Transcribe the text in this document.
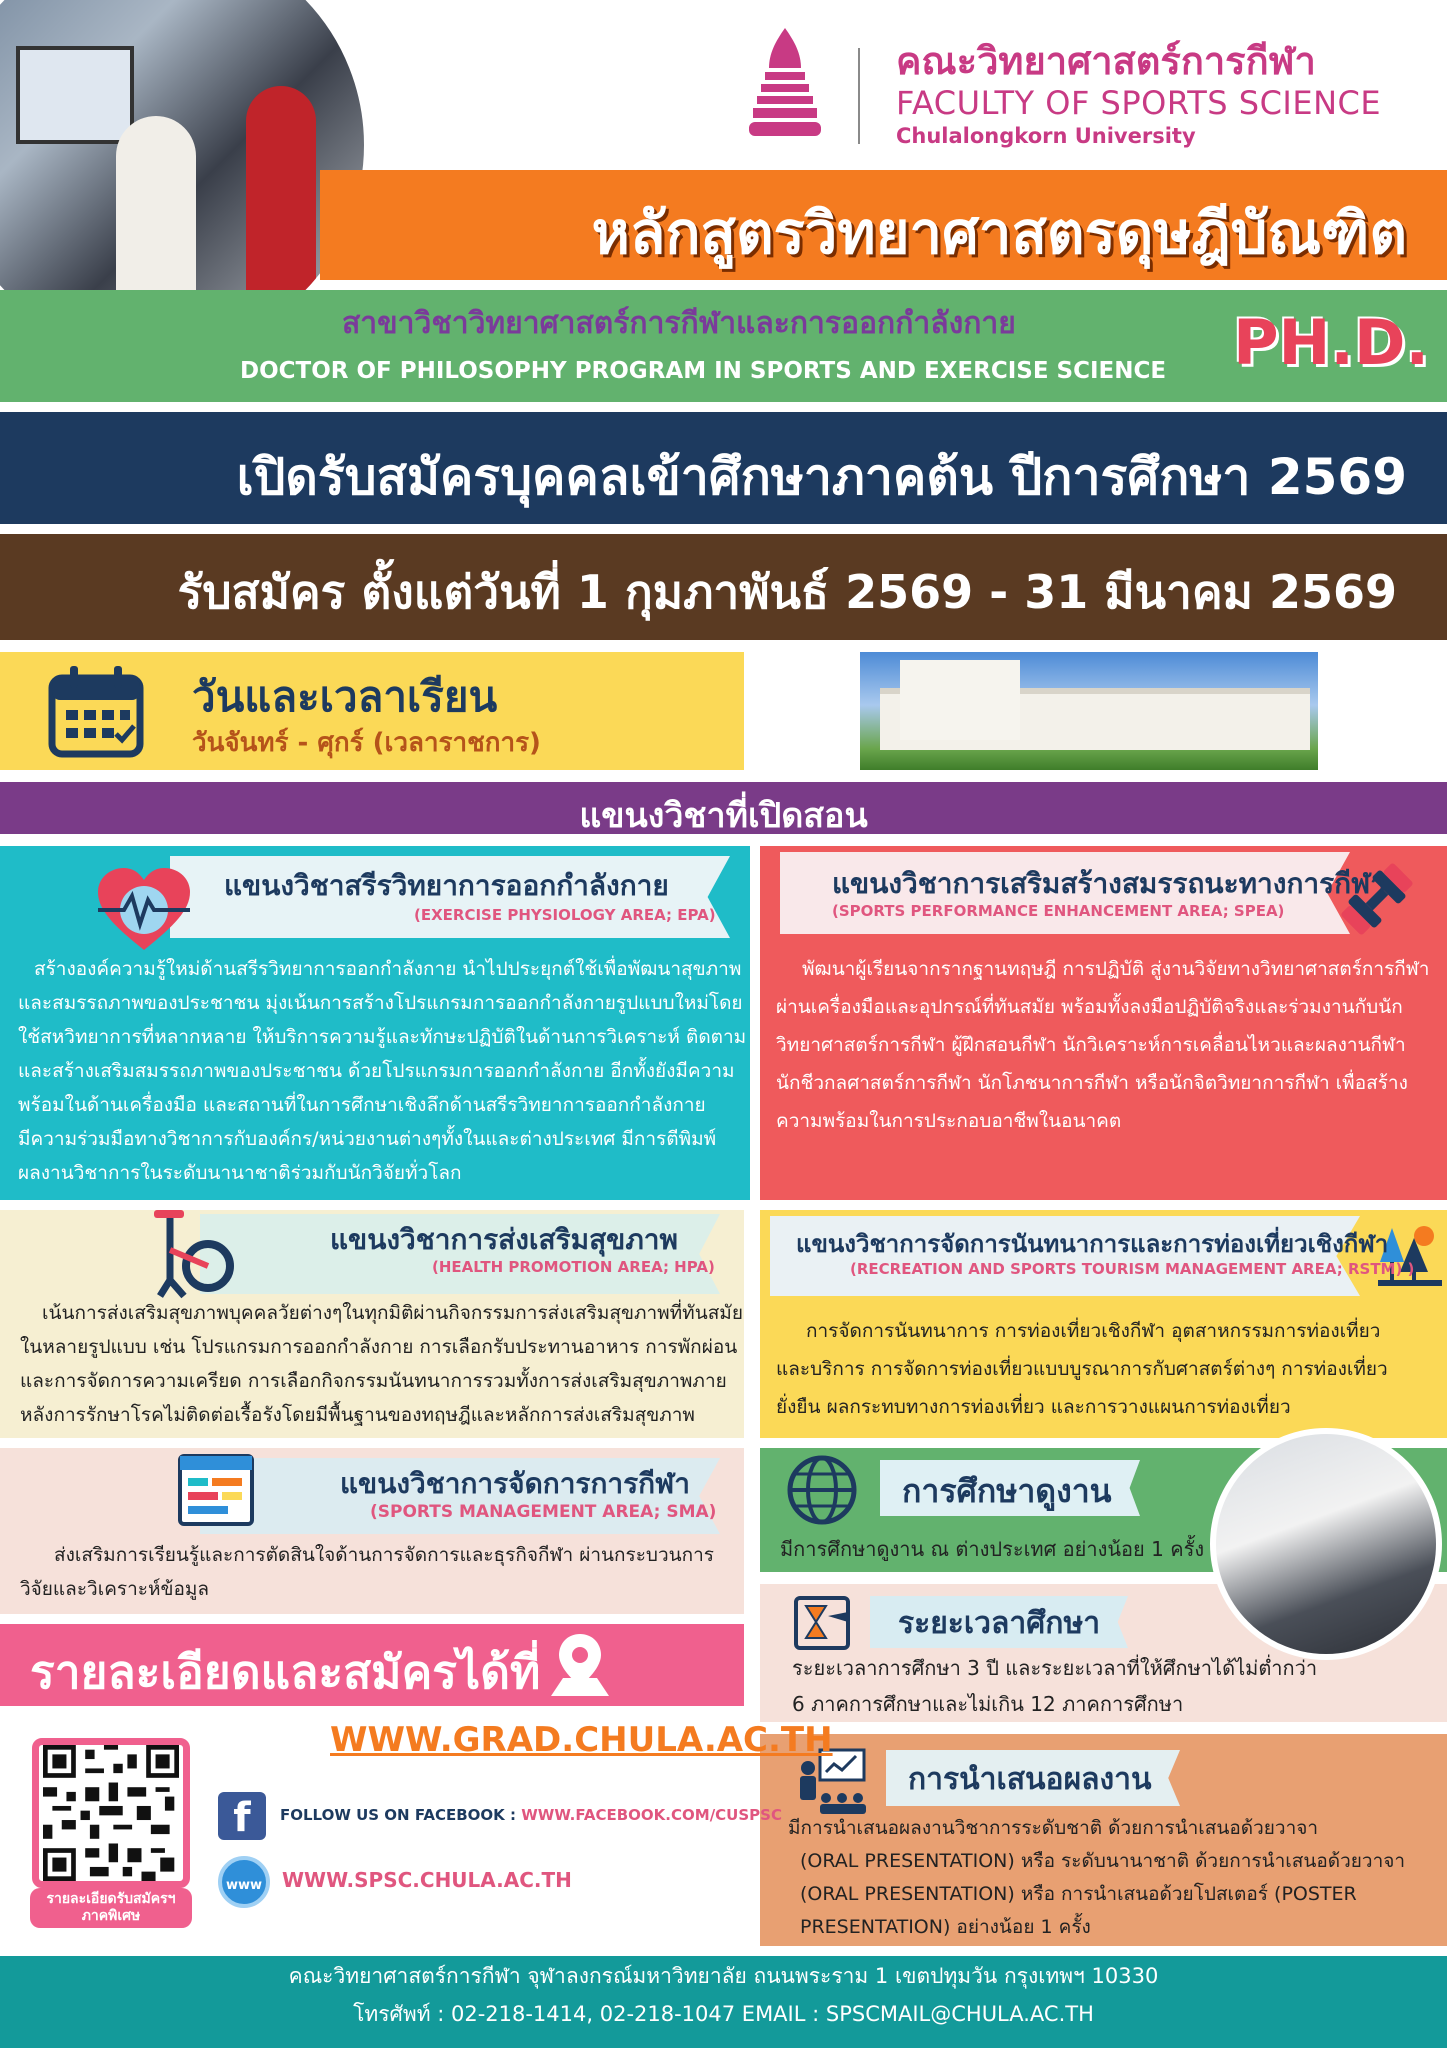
คณะวิทยาศาสตร์การกีฬา
FACULTY OF SPORTS SCIENCE
Chulalongkorn University
หลักสูตรวิทยาศาสตรดุษฎีบัณฑิต
สาขาวิชาวิทยาศาสตร์การกีฬาและการออกกำลังกาย
DOCTOR OF PHILOSOPHY PROGRAM IN SPORTS AND EXERCISE SCIENCE PH.D.
เปิดรับสมัครบุคคลเข้าศึกษาภาคต้น ปีการศึกษา 2569
รับสมัคร ตั้งแต่วันที่ 1 กุมภาพันธ์ 2569 - 31 มีนาคม 2569
วันและเวลาเรียน
วันจันทร์ - ศุกร์ (เวลาราชการ)
แขนงวิชาที่เปิดสอน
แขนงวิชาสรีรวิทยาการออกกำลังกาย
(EXERCISE PHYSIOLOGY AREA; EPA)
สร้างองค์ความรู้ใหม่ด้านสรีรวิทยาการออกกำลังกาย นำไปประยุกต์ใช้เพื่อพัฒนาสุขภาพ
และสมรรถภาพของประชาชน มุ่งเน้นการสร้างโปรแกรมการออกกำลังกายรูปแบบใหม่โดย
ใช้สหวิทยาการที่หลากหลาย ให้บริการความรู้และทักษะปฏิบัติในด้านการวิเคราะห์ ติดตาม
และสร้างเสริมสมรรถภาพของประชาชน ด้วยโปรแกรมการออกกำลังกาย อีกทั้งยังมีความ
พร้อมในด้านเครื่องมือ และสถานที่ในการศึกษาเชิงลึกด้านสรีรวิทยาการออกกำลังกาย
มีความร่วมมือทางวิชาการกับองค์กร/หน่วยงานต่างๆทั้งในและต่างประเทศ มีการตีพิมพ์
ผลงานวิชาการในระดับนานาชาติร่วมกับนักวิจัยทั่วโลก
แขนงวิชาการเสริมสร้างสมรรถนะทางการกีฬา
(SPORTS PERFORMANCE ENHANCEMENT AREA; SPEA)
พัฒนาผู้เรียนจากรากฐานทฤษฎี การปฏิบัติ สู่งานวิจัยทางวิทยาศาสตร์การกีฬา
ผ่านเครื่องมือและอุปกรณ์ที่ทันสมัย พร้อมทั้งลงมือปฏิบัติจริงและร่วมงานกับนัก
วิทยาศาสตร์การกีฬา ผู้ฝึกสอนกีฬา นักวิเคราะห์การเคลื่อนไหวและผลงานกีฬา
นักชีวกลศาสตร์การกีฬา นักโภชนาการกีฬา หรือนักจิตวิทยาการกีฬา เพื่อสร้าง
ความพร้อมในการประกอบอาชีพในอนาคต
แขนงวิชาการส่งเสริมสุขภาพ
(HEALTH PROMOTION AREA; HPA)
เน้นการส่งเสริมสุขภาพบุคคลวัยต่างๆในทุกมิติผ่านกิจกรรมการส่งเสริมสุขภาพที่ทันสมัย
ในหลายรูปแบบ เช่น โปรแกรมการออกกำลังกาย การเลือกรับประทานอาหาร การพักผ่อน
และการจัดการความเครียด การเลือกกิจกรรมนันทนาการรวมทั้งการส่งเสริมสุขภาพภาย
หลังการรักษาโรคไม่ติดต่อเรื้อรังโดยมีพื้นฐานของทฤษฎีและหลักการส่งเสริมสุขภาพ
แขนงวิชาการจัดการนันทนาการและการท่องเที่ยวเชิงกีฬา
(RECREATION AND SPORTS TOURISM MANAGEMENT AREA; RSTM) )
การจัดการนันทนาการ การท่องเที่ยวเชิงกีฬา อุตสาหกรรมการท่องเที่ยว
และบริการ การจัดการท่องเที่ยวแบบบูรณาการกับศาสตร์ต่างๆ การท่องเที่ยว
ยั่งยืน ผลกระทบทางการท่องเที่ยว และการวางแผนการท่องเที่ยว
แขนงวิชาการจัดการการกีฬา
(SPORTS MANAGEMENT AREA; SMA)
ส่งเสริมการเรียนรู้และการตัดสินใจด้านการจัดการและธุรกิจกีฬา ผ่านกระบวนการ
วิจัยและวิเคราะห์ข้อมูล
การศึกษาดูงาน
มีการศึกษาดูงาน ณ ต่างประเทศ อย่างน้อย 1 ครั้ง
ระยะเวลาศึกษา
ระยะเวลาการศึกษา 3 ปี และระยะเวลาที่ให้ศึกษาได้ไม่ต่ำกว่า
6 ภาคการศึกษาและไม่เกิน 12 ภาคการศึกษา
การนำเสนอผลงาน
มีการนำเสนอผลงานวิชาการระดับชาติ ด้วยการนำเสนอด้วยวาจา
(ORAL PRESENTATION) หรือ ระดับนานาชาติ ด้วยการนำเสนอด้วยวาจา
(ORAL PRESENTATION) หรือ การนำเสนอด้วยโปสเตอร์ (POSTER
PRESENTATION) อย่างน้อย 1 ครั้ง
รายละเอียดและสมัครได้ที่
WWW.GRAD.CHULA.AC.TH
รายละเอียดรับสมัครฯ
ภาคพิเศษ
f	FOLLOW US ON FACEBOOK : WWW.FACEBOOK.COM/CUSPSC
www WWW.SPSC.CHULA.AC.TH
คณะวิทยาศาสตร์การกีฬา จุฬาลงกรณ์มหาวิทยาลัย ถนนพระราม 1 เขตปทุมวัน กรุงเทพฯ 10330
โทรศัพท์ : 02-218-1414, 02-218-1047 EMAIL : SPSCMAIL@CHULA.AC.TH
